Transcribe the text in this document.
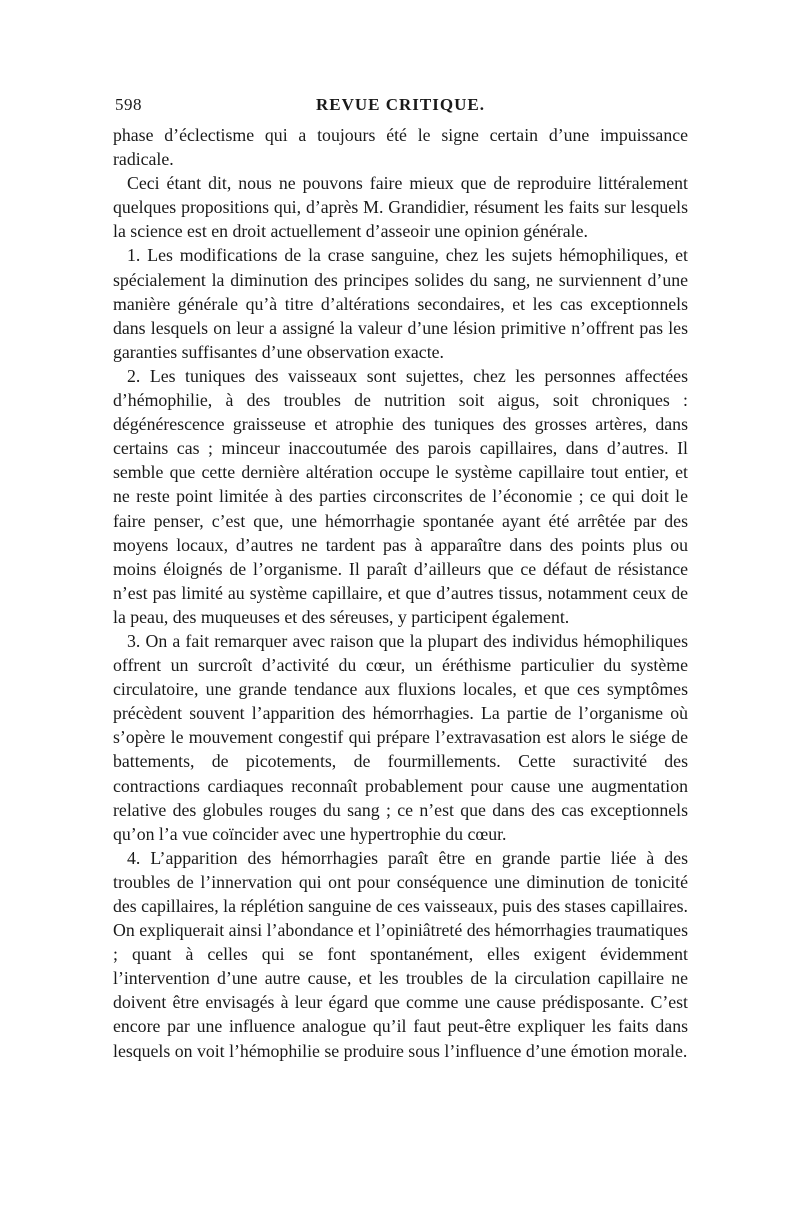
598	REVUE CRITIQUE.

phase d’éclectisme qui a toujours été le signe certain d’une impuissance radicale.

Ceci étant dit, nous ne pouvons faire mieux que de reproduire littéralement quelques propositions qui, d’après M. Grandidier, résument les faits sur lesquels la science est en droit actuellement d’asseoir une opinion générale.

1. Les modifications de la crase sanguine, chez les sujets hémophiliques, et spécialement la diminution des principes solides du sang, ne surviennent d’une manière générale qu’à titre d’altérations secondaires, et les cas exceptionnels dans lesquels on leur a assigné la valeur d’une lésion primitive n’offrent pas les garanties suffisantes d’une observation exacte.

2. Les tuniques des vaisseaux sont sujettes, chez les personnes affectées d’hémophilie, à des troubles de nutrition soit aigus, soit chroniques : dégénérescence graisseuse et atrophie des tuniques des grosses artères, dans certains cas ; minceur inaccoutumée des parois capillaires, dans d’autres. Il semble que cette dernière altération occupe le système capillaire tout entier, et ne reste point limitée à des parties circonscrites de l’économie ; ce qui doit le faire penser, c’est que, une hémorrhagie spontanée ayant été arrêtée par des moyens locaux, d’autres ne tardent pas à apparaître dans des points plus ou moins éloignés de l’organisme. Il paraît d’ailleurs que ce défaut de résistance n’est pas limité au système capillaire, et que d’autres tissus, notamment ceux de la peau, des muqueuses et des séreuses, y participent également.

3. On a fait remarquer avec raison que la plupart des individus hémophiliques offrent un surcroît d’activité du cœur, un éréthisme particulier du système circulatoire, une grande tendance aux fluxions locales, et que ces symptômes précèdent souvent l’apparition des hémorrhagies. La partie de l’organisme où s’opère le mouvement congestif qui prépare l’extravasation est alors le siége de battements, de picotements, de fourmillements. Cette suractivité des contractions cardiaques reconnaît probablement pour cause une augmentation relative des globules rouges du sang ; ce n’est que dans des cas exceptionnels qu’on l’a vue coïncider avec une hypertrophie du cœur.

4. L’apparition des hémorrhagies paraît être en grande partie liée à des troubles de l’innervation qui ont pour conséquence une diminution de tonicité des capillaires, la réplétion sanguine de ces vaisseaux, puis des stases capillaires. On expliquerait ainsi l’abondance et l’opiniâtreté des hémorrhagies traumatiques ; quant à celles qui se font spontanément, elles exigent évidemment l’intervention d’une autre cause, et les troubles de la circulation capillaire ne doivent être envisagés à leur égard que comme une cause prédisposante. C’est encore par une influence analogue qu’il faut peut-être expliquer les faits dans lesquels on voit l’hémophilie se produire sous l’influence d’une émotion morale.
